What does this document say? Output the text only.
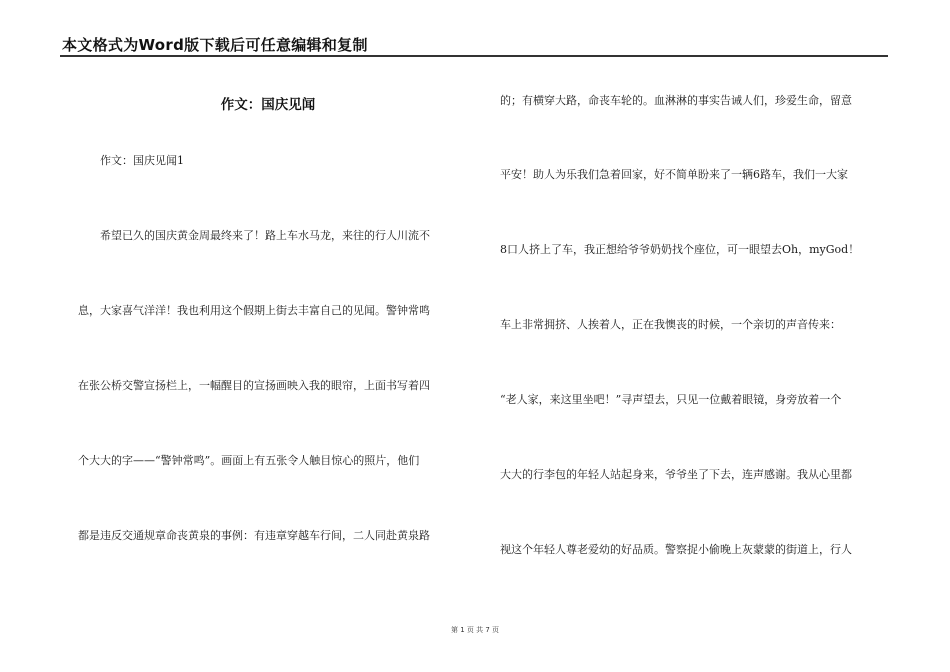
本文格式为Word版下载后可任意编辑和复制
作文：国庆见闻
作文：国庆见闻1
希望已久的国庆黄金周最终来了！路上车水马龙，来往的行人川流不
息，大家喜气洋洋！我也利用这个假期上街去丰富自己的见闻。警钟常鸣
在张公桥交警宣扬栏上，一幅醒目的宣扬画映入我的眼帘，上面书写着四
个大大的字——“警钟常鸣”。画面上有五张令人触目惊心的照片，他们
都是违反交通规章命丧黄泉的事例：有违章穿越车行间，二人同赴黄泉路
的；有横穿大路，命丧车轮的。血淋淋的事实告诫人们，珍爱生命，留意
平安！助人为乐我们急着回家，好不简单盼来了一辆6路车，我们一大家
8口人挤上了车，我正想给爷爷奶奶找个座位，可一眼望去Oh，myGod！
车上非常拥挤、人挨着人，正在我懊丧的时候，一个亲切的声音传来：
“老人家，来这里坐吧！”寻声望去，只见一位戴着眼镜，身旁放着一个
大大的行李包的年轻人站起身来，爷爷坐了下去，连声感谢。我从心里都
视这个年轻人尊老爱幼的好品质。警察捉小偷晚上灰蒙蒙的街道上，行人
第 1 页 共 7 页
